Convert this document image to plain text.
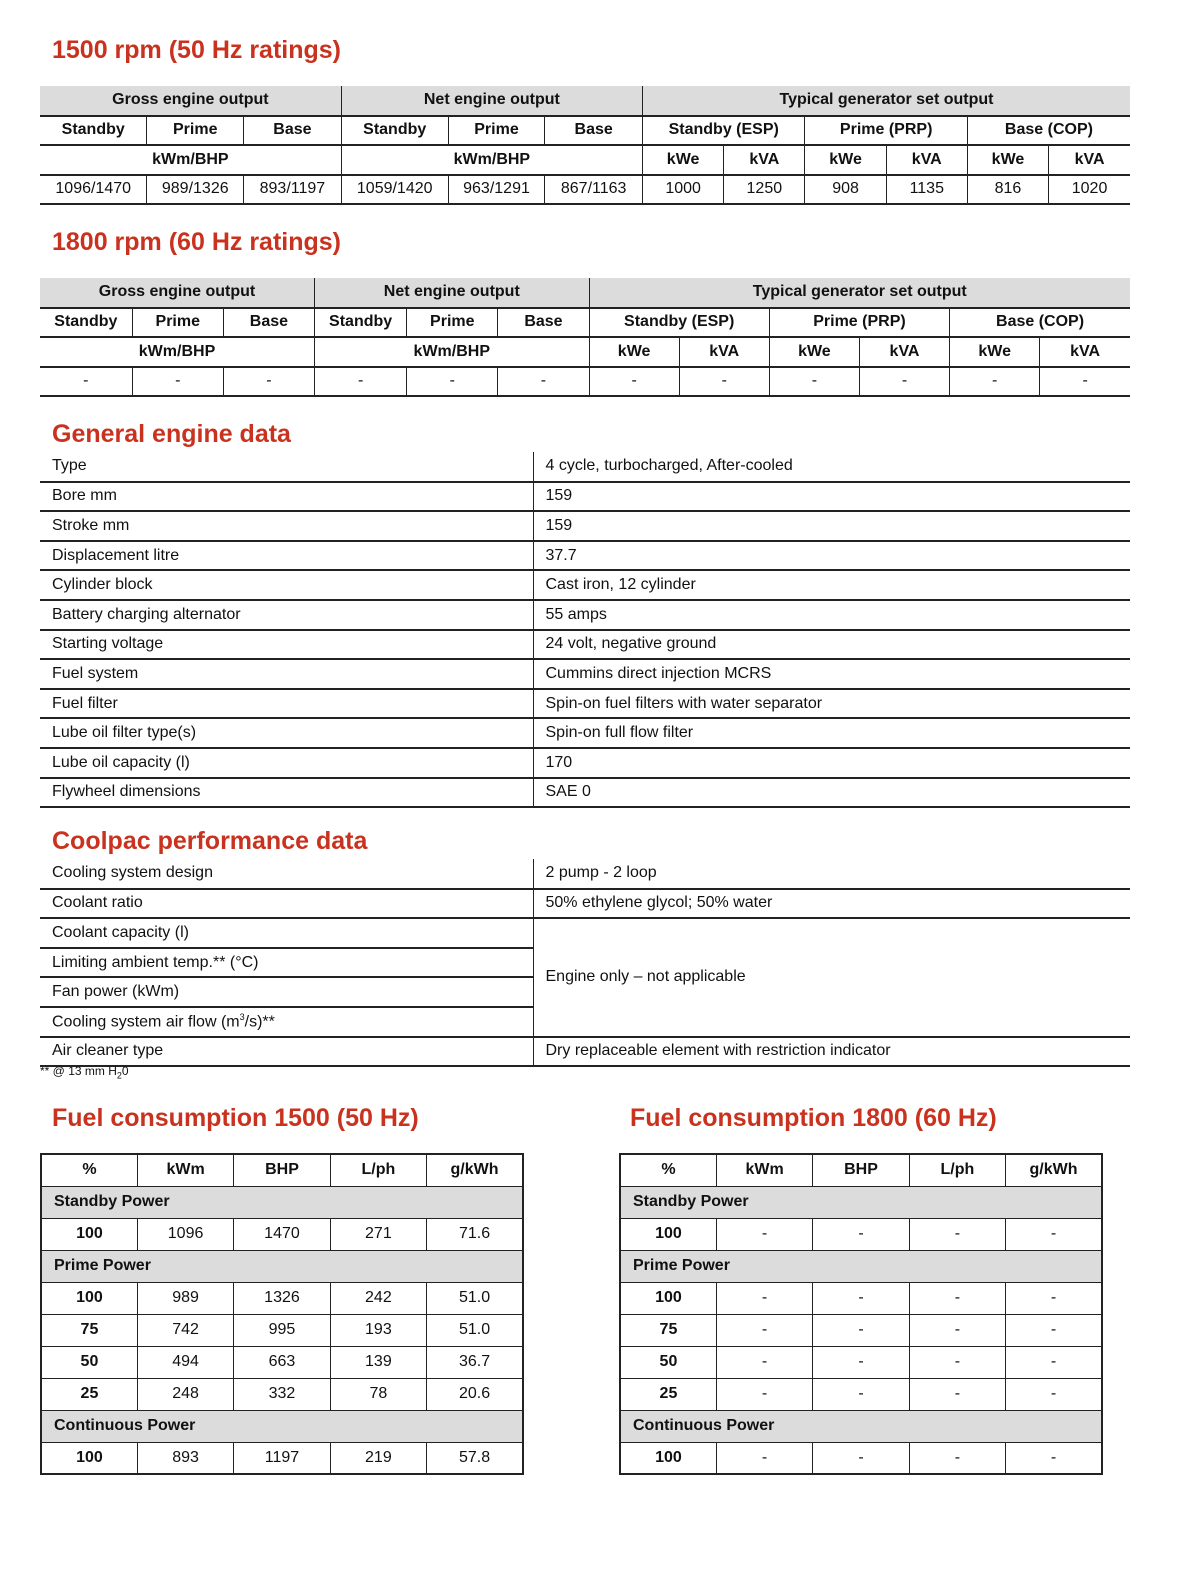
1500 rpm (50 Hz ratings)
Gross engine output			Net engine output			Typical generator set output					
Standby	Prime	Base	Standby	Prime	Base	Standby (ESP)		Prime (PRP)		Base (COP)	
kWm/BHP			kWm/BHP			kWe	kVA	kWe	kVA	kWe	kVA
1096/1470	989/1326	893/1197	1059/1420	963/1291	867/1163	1000	1250	908	1135	816	1020
1800 rpm (60 Hz ratings)
Gross engine output			Net engine output			Typical generator set output					
Standby	Prime	Base	Standby	Prime	Base	Standby (ESP)		Prime (PRP)		Base (COP)	
kWm/BHP			kWm/BHP			kWe	kVA	kWe	kVA	kWe	kVA
-	-	-	-	-	-	-	-	-	-	-	-
General engine data
Type	4 cycle, turbocharged, After-cooled
Bore mm	159
Stroke mm	159
Displacement litre	37.7
Cylinder block	Cast iron, 12 cylinder
Battery charging alternator	55 amps
Starting voltage	24 volt, negative ground
Fuel system	Cummins direct injection MCRS
Fuel filter	Spin-on fuel filters with water separator
Lube oil filter type(s)	Spin-on full flow filter
Lube oil capacity (l)	170
Flywheel dimensions	SAE 0
Coolpac performance data
Cooling system design	2 pump - 2 loop
Coolant ratio	50% ethylene glycol; 50% water
Coolant capacity (l)	Engine only – not applicable
Limiting ambient temp.** (°C)	
Fan power (kWm)	
Cooling system air flow $(m^3/s)**$	
Air cleaner type	Dry replaceable element with restriction indicator
** @ 13 mm $H_20$
Fuel consumption 1500 (50 Hz)
%	kWm	BHP	L/ph	g/kWh
Standby Power				
100	1096	1470	271	71.6
Prime Power				
100	989	1326	242	51.0
75	742	995	193	51.0
50	494	663	139	36.7
25	248	332	78	20.6
Continuous Power				
100	893	1197	219	57.8
Fuel consumption 1800 (60 Hz)
%	kWm	BHP	L/ph	g/kWh
Standby Power				
100	-	-	-	-
Prime Power				
100	-	-	-	-
75	-	-	-	-
50	-	-	-	-
25	-	-	-	-
Continuous Power				
100	-	-	-	-
